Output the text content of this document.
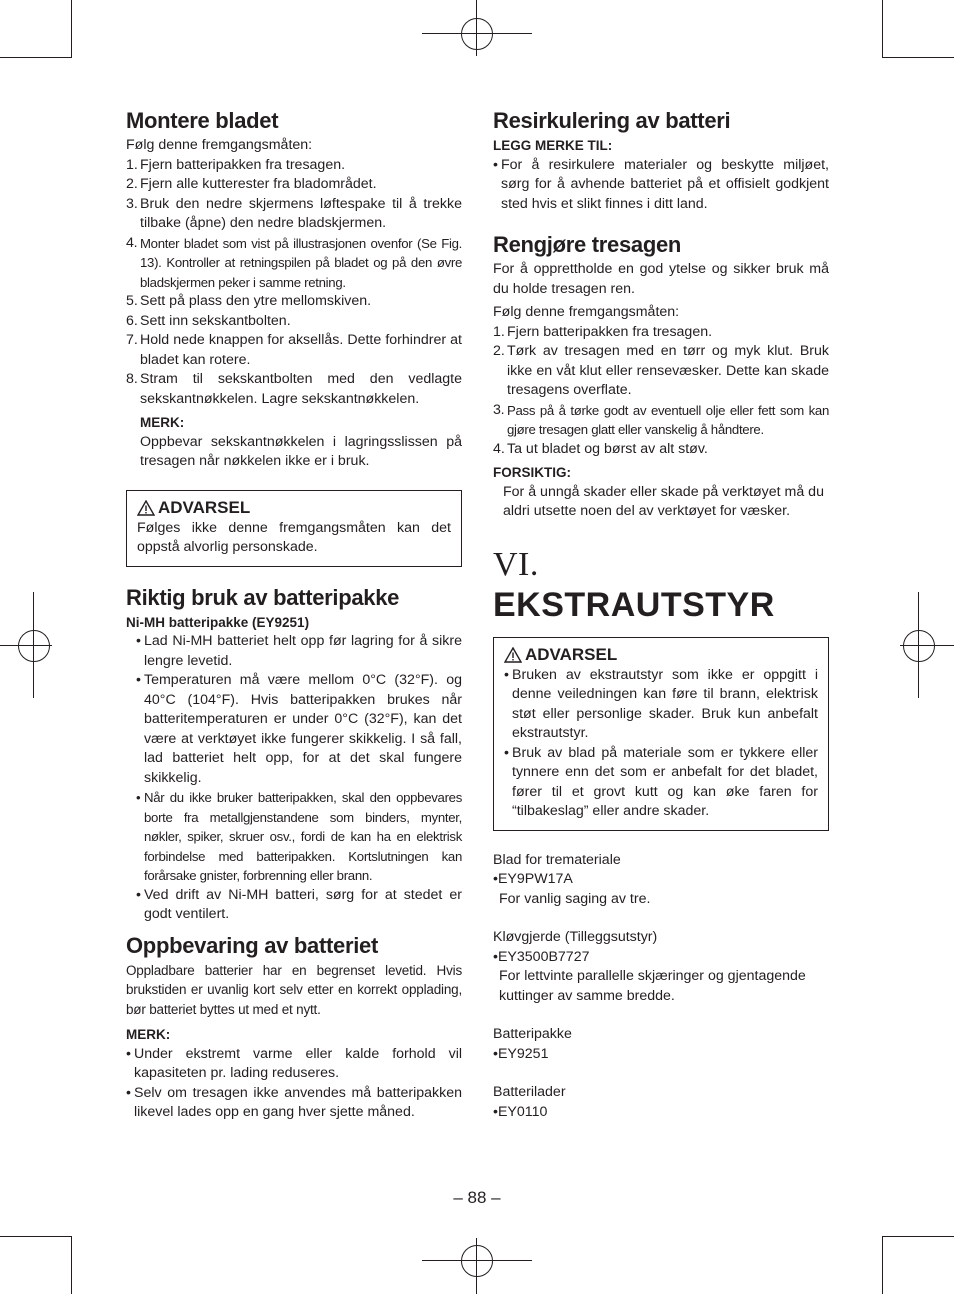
Montere bladet

Følg denne fremgangsmåten:

1. Fjern batteripakken fra tresagen.
2. Fjern alle kutterester fra bladområdet.
3. Bruk den nedre skjermens løftespake til å trekke tilbake (åpne) den nedre bladskjermen.
4. Monter bladet som vist på illustrasjonen ovenfor (Se Fig. 13). Kontroller at retningspilen på bladet og på den øvre bladskjermen peker i samme retning.
5. Sett på plass den ytre mellomskiven.
6. Sett inn sekskantbolten.
7. Hold nede knappen for aksellås. Dette forhindrer at bladet kan rotere.
8. Stram til sekskantbolten med den vedlagte sekskantnøkkelen. Lagre sekskantnøkkelen.

MERK:

Oppbevar sekskantnøkkelen i lagringsslissen på tresagen når nøkkelen ikke er i bruk.

ADVARSEL

Følges ikke denne fremgangsmåten kan det oppstå alvorlig personskade.

Riktig bruk av batteripakke

Ni-MH batteripakke (EY9251)

• Lad Ni-MH batteriet helt opp før lagring for å sikre lengre levetid.
• Temperaturen må være mellom 0°C (32°F). og 40°C (104°F). Hvis batteripakken brukes når batteritemperaturen er under 0°C (32°F), kan det være at verktøyet ikke fungerer skikkelig. I så fall, lad batteriet helt opp, for at det skal fungere skikkelig.
• Når du ikke bruker batteripakken, skal den oppbevares borte fra metallgjenstandene som binders, mynter, nøkler, spiker, skruer osv., fordi de kan ha en elektrisk forbindelse med batteripakken. Kortslutningen kan forårsake gnister, forbrenning eller brann.
• Ved drift av Ni-MH batteri, sørg for at stedet er godt ventilert.
Oppbevaring av batteriet

Oppladbare batterier har en begrenset levetid. Hvis brukstiden er uvanlig kort selv etter en korrekt opplading, bør batteriet byttes ut med et nytt.

MERK:

• Under ekstremt varme eller kalde forhold vil kapasiteten pr. lading reduseres.
• Selv om tresagen ikke anvendes må batteripakken likevel lades opp en gang hver sjette måned.
Resirkulering av batteri

LEGG MERKE TIL:

• For å resirkulere materialer og beskytte miljøet, sørg for å avhende batteriet på et offisielt godkjent sted hvis et slikt finnes i ditt land.
Rengjøre tresagen

For å opprettholde en god ytelse og sikker bruk må du holde tresagen ren.

Følg denne fremgangsmåten:

1. Fjern batteripakken fra tresagen.
2. Tørk av tresagen med en tørr og myk klut. Bruk ikke en våt klut eller rensevæsker. Dette kan skade tresagens overflate.
3. Pass på å tørke godt av eventuell olje eller fett som kan gjøre tresagen glatt eller vanskelig å håndtere.
4. Ta ut bladet og børst av alt støv.

FORSIKTIG:

For å unngå skader eller skade på verktøyet må du aldri utsette noen del av verktøyet for væsker.

VI. EKSTRAUTSTYR
ADVARSEL
• Bruken av ekstrautstyr som ikke er oppgitt i denne veiledningen kan føre til brann, elektrisk støt eller personlige skader. Bruk kun anbefalt ekstrautstyr.
• Bruk av blad på materiale som er tykkere eller tynnere enn det som er anbefalt for det bladet, fører til et grovt kutt og kan øke faren for “tilbakeslag” eller andre skader.

Blad for tremateriale

•EY9PW17A

For vanlig saging av tre.

Kløvgjerde (Tilleggsutstyr)

•EY3500B7727

For lettvinte parallelle skjæringer og gjentagende kuttinger av samme bredde.

Batteripakke

•EY9251

Batterilader

•EY0110

– 88 –
